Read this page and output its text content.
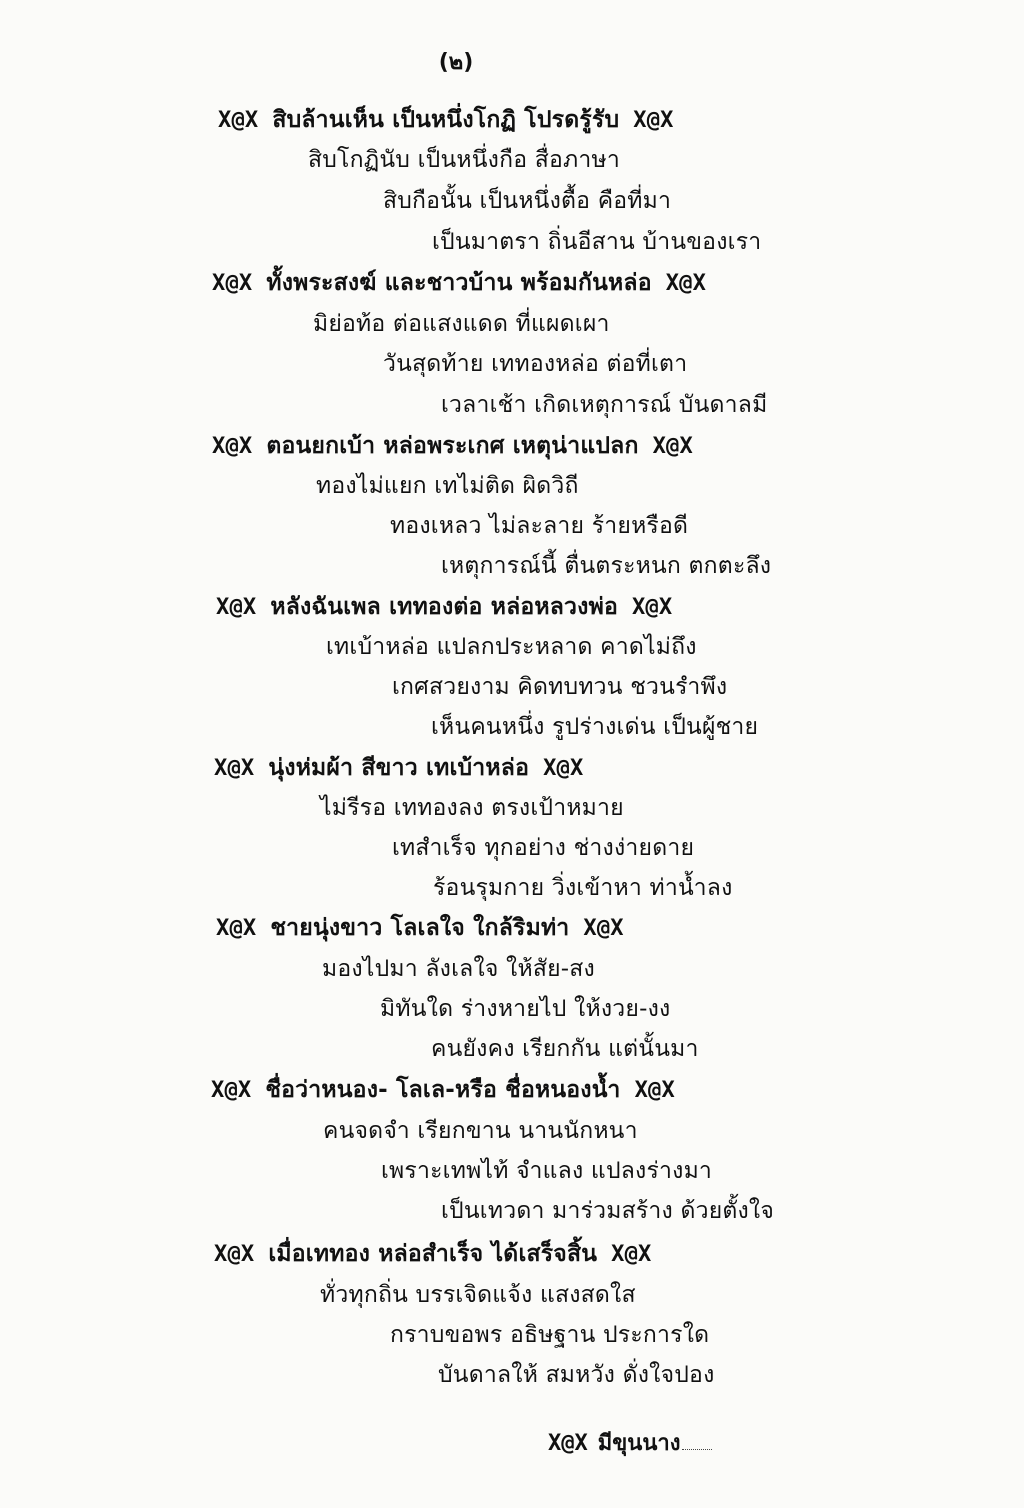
(๒)
X@X สิบล้านเห็น เป็นหนึ่งโกฏิ โปรดรู้รับ X@X
สิบโกฏินับ เป็นหนึ่งกือ สื่อภาษา
สิบกือนั้น เป็นหนึ่งตื้อ คือที่มา
เป็นมาตรา ถิ่นอีสาน บ้านของเรา
X@X ทั้งพระสงฆ์ และชาวบ้าน พร้อมกันหล่อ X@X
มิย่อท้อ ต่อแสงแดด ที่แผดเผา
วันสุดท้าย เททองหล่อ ต่อที่เตา
เวลาเช้า เกิดเหตุการณ์ บันดาลมี
X@X ตอนยกเบ้า หล่อพระเกศ เหตุน่าแปลก X@X
ทองไม่แยก เทไม่ติด ผิดวิถี
ทองเหลว ไม่ละลาย ร้ายหรือดี
เหตุการณ์นี้ ตื่นตระหนก ตกตะลึง
X@X หลังฉันเพล เททองต่อ หล่อหลวงพ่อ X@X
เทเบ้าหล่อ แปลกประหลาด คาดไม่ถึง
เกศสวยงาม คิดทบทวน ชวนรำพึง
เห็นคนหนึ่ง รูปร่างเด่น เป็นผู้ชาย
X@X นุ่งห่มผ้า สีขาว เทเบ้าหล่อ X@X
ไม่รีรอ เททองลง ตรงเป้าหมาย
เทสำเร็จ ทุกอย่าง ช่างง่ายดาย
ร้อนรุมกาย วิ่งเข้าหา ท่าน้ำลง
X@X ชายนุ่งขาว โลเลใจ ใกล้ริมท่า X@X
มองไปมา ลังเลใจ ให้สัย-สง
มิทันใด ร่างหายไป ให้งวย-งง
คนยังคง เรียกกัน แต่นั้นมา
X@X ชื่อว่าหนอง- โลเล-หรือ ชื่อหนองน้ำ X@X
คนจดจำ เรียกขาน นานนักหนา
เพราะเทพไท้ จำแลง แปลงร่างมา
เป็นเทวดา มาร่วมสร้าง ด้วยตั้งใจ
X@X เมื่อเททอง หล่อสำเร็จ ได้เสร็จสิ้น X@X
ทั่วทุกถิ่น บรรเจิดแจ้ง แสงสดใส
กราบขอพร อธิษฐาน ประการใด
บันดาลให้ สมหวัง ดั่งใจปอง
X@X มีขุนนาง
